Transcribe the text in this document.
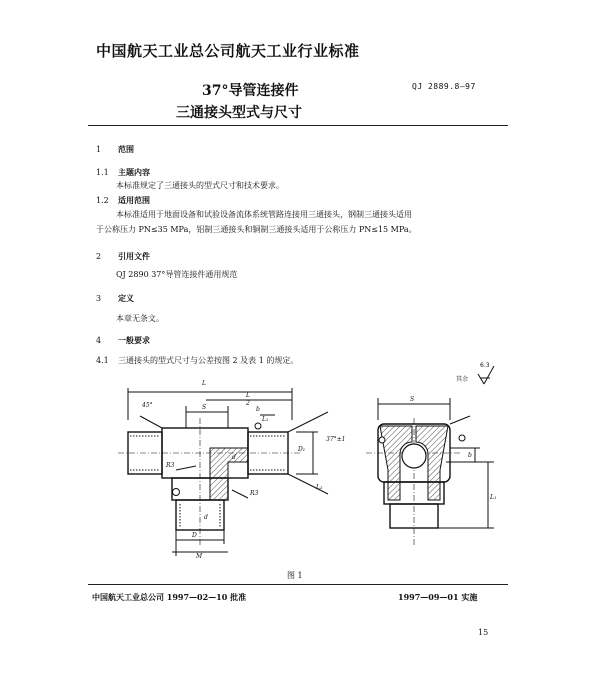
中国航天工业总公司航天工业行业标准
37°导管连接件
三通接头型式与尺寸
QJ 2889.8—97
1 范围
1.1 主题内容
本标准规定了三通接头的型式尺寸和技术要求。
1.2 适用范围
本标准适用于地面设备和试验设备流体系统管路连接用三通接头，钢制三通接头适用
于公称压力 PN≤35 MPa，铝制三通接头和铜制三通接头适用于公称压力 PN≤15 MPa。
2 引用文件
QJ 2890 37°导管连接件通用规范
3 定义
本章无条文。
4 一般要求
4.1 三通接头的型式尺寸与公差按图 2 及表 1 的规定。
L
L
2
S	b
L₁
45°
37°±1
R3
R3
D₁
L₂
d
d
D
M
S
b
L₁
其余
6.3
图 1
中国航天工业总公司 1997—02—10 批准	1997—09—01 实施
15
